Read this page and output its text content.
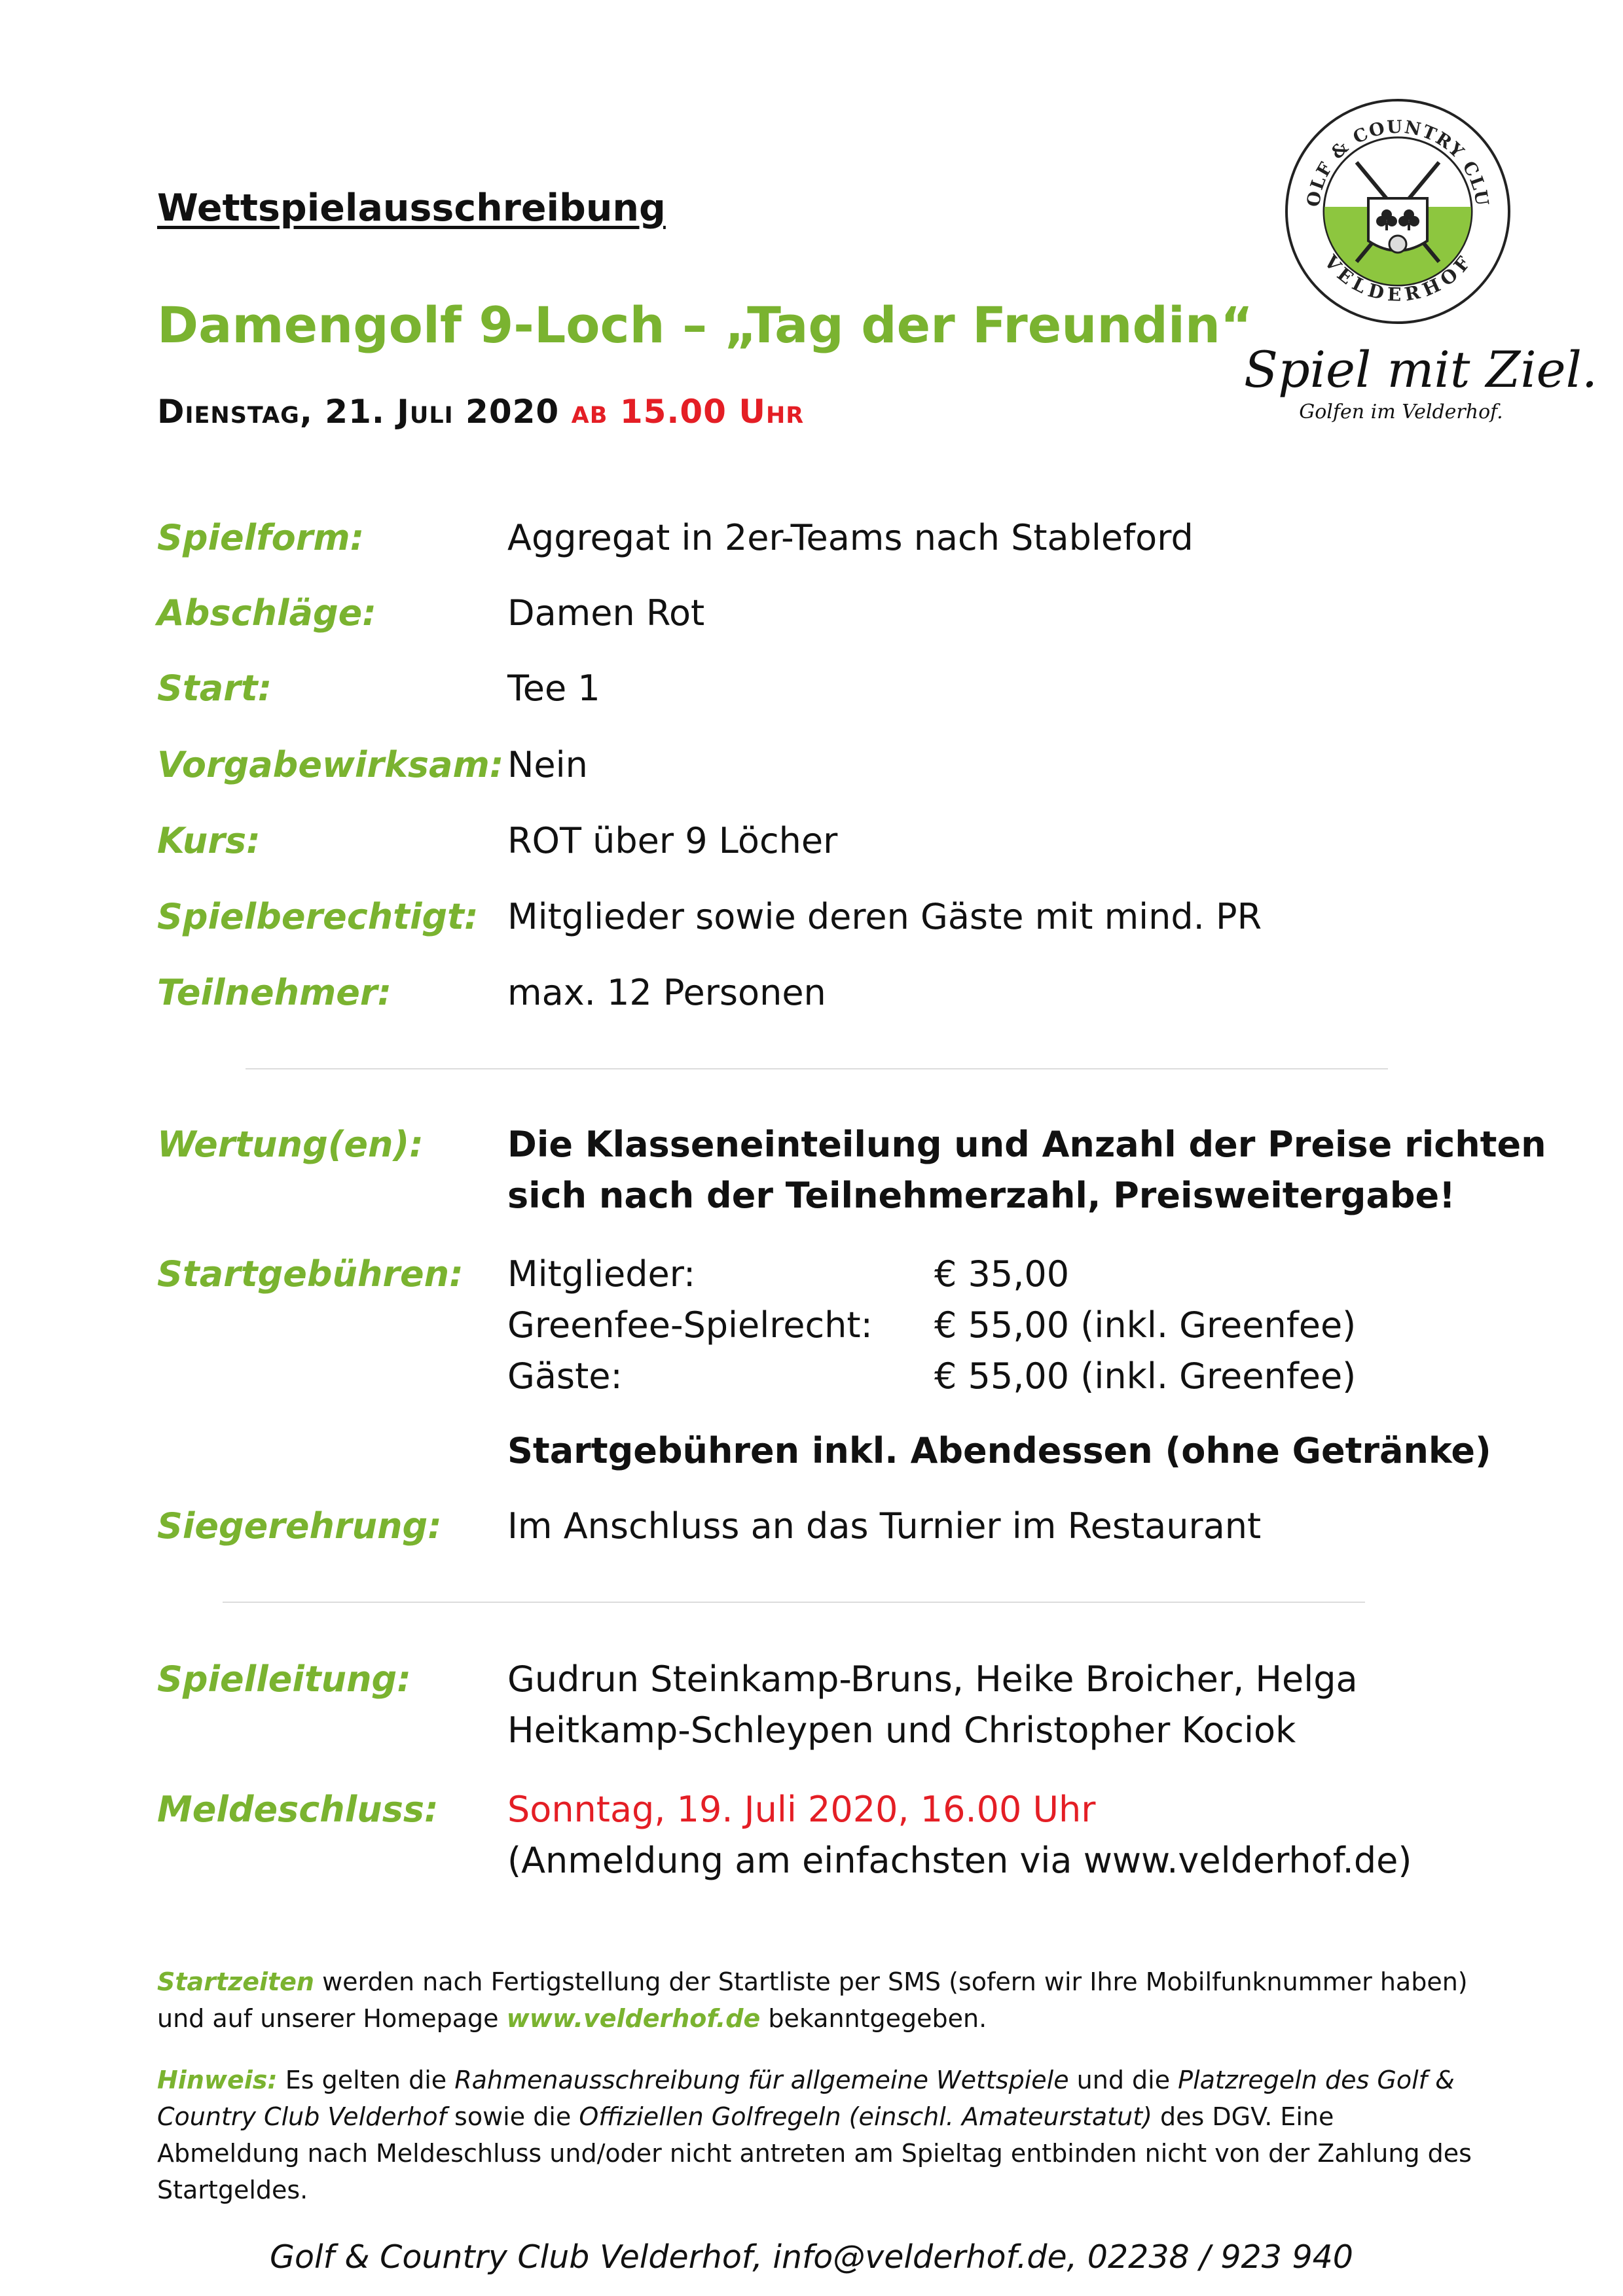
Wettspielausschreibung
Damengolf 9-Loch – „Tag der Freundin“
Dienstag, 21. Juli 2020 ab 15.00 Uhr
OLF & COUNTRY CLU
VELDERHOF
Spiel mit Ziel.
Golfen im Velderhof.
Spielform:	Aggregat in 2er-Teams nach Stableford
Abschläge:	Damen Rot
Start:	Tee 1
Vorgabewirksam: Nein
Kurs:	ROT über 9 Löcher
Spielberechtigt: Mitglieder sowie deren Gäste mit mind. PR
Teilnehmer:	max. 12 Personen
Wertung(en): Die Klasseneinteilung und Anzahl der Preise richten
sich nach der Teilnehmerzahl, Preisweitergabe!
Startgebühren: Mitglieder:	€ 35,00
Greenfee-Spielrecht: € 55,00 (inkl. Greenfee)
Gäste:	€ 55,00 (inkl. Greenfee)
Startgebühren inkl. Abendessen (ohne Getränke)
Siegerehrung: Im Anschluss an das Turnier im Restaurant
Spielleitung:	Gudrun Steinkamp-Bruns, Heike Broicher, Helga
Heitkamp-Schleypen und Christopher Kociok
Meldeschluss: Sonntag, 19. Juli 2020, 16.00 Uhr
(Anmeldung am einfachsten via www.velderhof.de)
Startzeiten werden nach Fertigstellung der Startliste per SMS (sofern wir Ihre Mobilfunknummer haben) und auf unserer Homepage www.velderhof.de bekanntgegeben.
Hinweis: Es gelten die Rahmenausschreibung für allgemeine Wettspiele und die Platzregeln des Golf & Country Club Velderhof sowie die Offiziellen Golfregeln (einschl. Amateurstatut) des DGV. Eine Abmeldung nach Meldeschluss und/oder nicht antreten am Spieltag entbinden nicht von der Zahlung des Startgeldes.
Golf & Country Club Velderhof, info@velderhof.de, 02238 / 923 940
